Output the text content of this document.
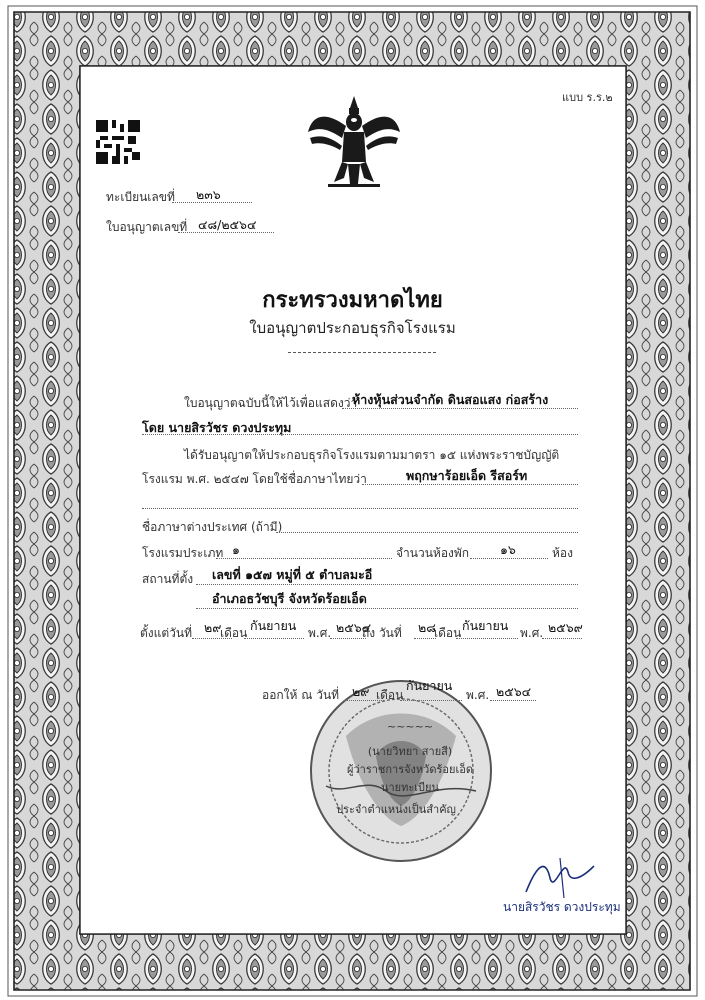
แบบ ร.ร.๒
ทะเบียนเลขที่ ๒๓๖
ใบอนุญาตเลขที่ ๔๘/๒๕๖๔
กระทรวงมหาดไทย
ใบอนุญาตประกอบธุรกิจโรงแรม
ใบอนุญาตฉบับนี้ให้ไว้เพื่อแสดงว่า
ห้างหุ้นส่วนจำกัด ดินสอแสง ก่อสร้าง
โดย นายสิรวัชร ดวงประทุม
ได้รับอนุญาตให้ประกอบธุรกิจโรงแรมตามมาตรา ๑๕ แห่งพระราชบัญญัติ
โรงแรม พ.ศ. ๒๕๔๗ โดยใช้ชื่อภาษาไทยว่า	พฤกษาร้อยเอ็ด รีสอร์ท
ชื่อภาษาต่างประเทศ (ถ้ามี)
โรงแรมประเภท ๑	จำนวนห้องพัก ๑๖	ห้อง
สถานที่ตั้ง เลขที่ ๑๕๗ หมู่ที่ ๕ ตำบลมะอี
อำเภอธวัชบุรี จังหวัดร้อยเอ็ด
ตั้งแต่วันที่ ๒๙
เดือน กันยายน พ.ศ. ๒๕๖๔
ถึง วันที่ ๒๘
เดือน กันยายน พ.ศ. ๒๕๖๙
ออกให้ ณ วันที่ ๒๙ เดือน
กันยายน
พ.ศ. ๒๕๖๔
~~~~~
(นายวิทยา สายสี)
ผู้ว่าราชการจังหวัดร้อยเอ็ด
นายทะเบียน
ประจำตำแหน่งเป็นสำคัญ
นายสิรวัชร ดวงประทุม
